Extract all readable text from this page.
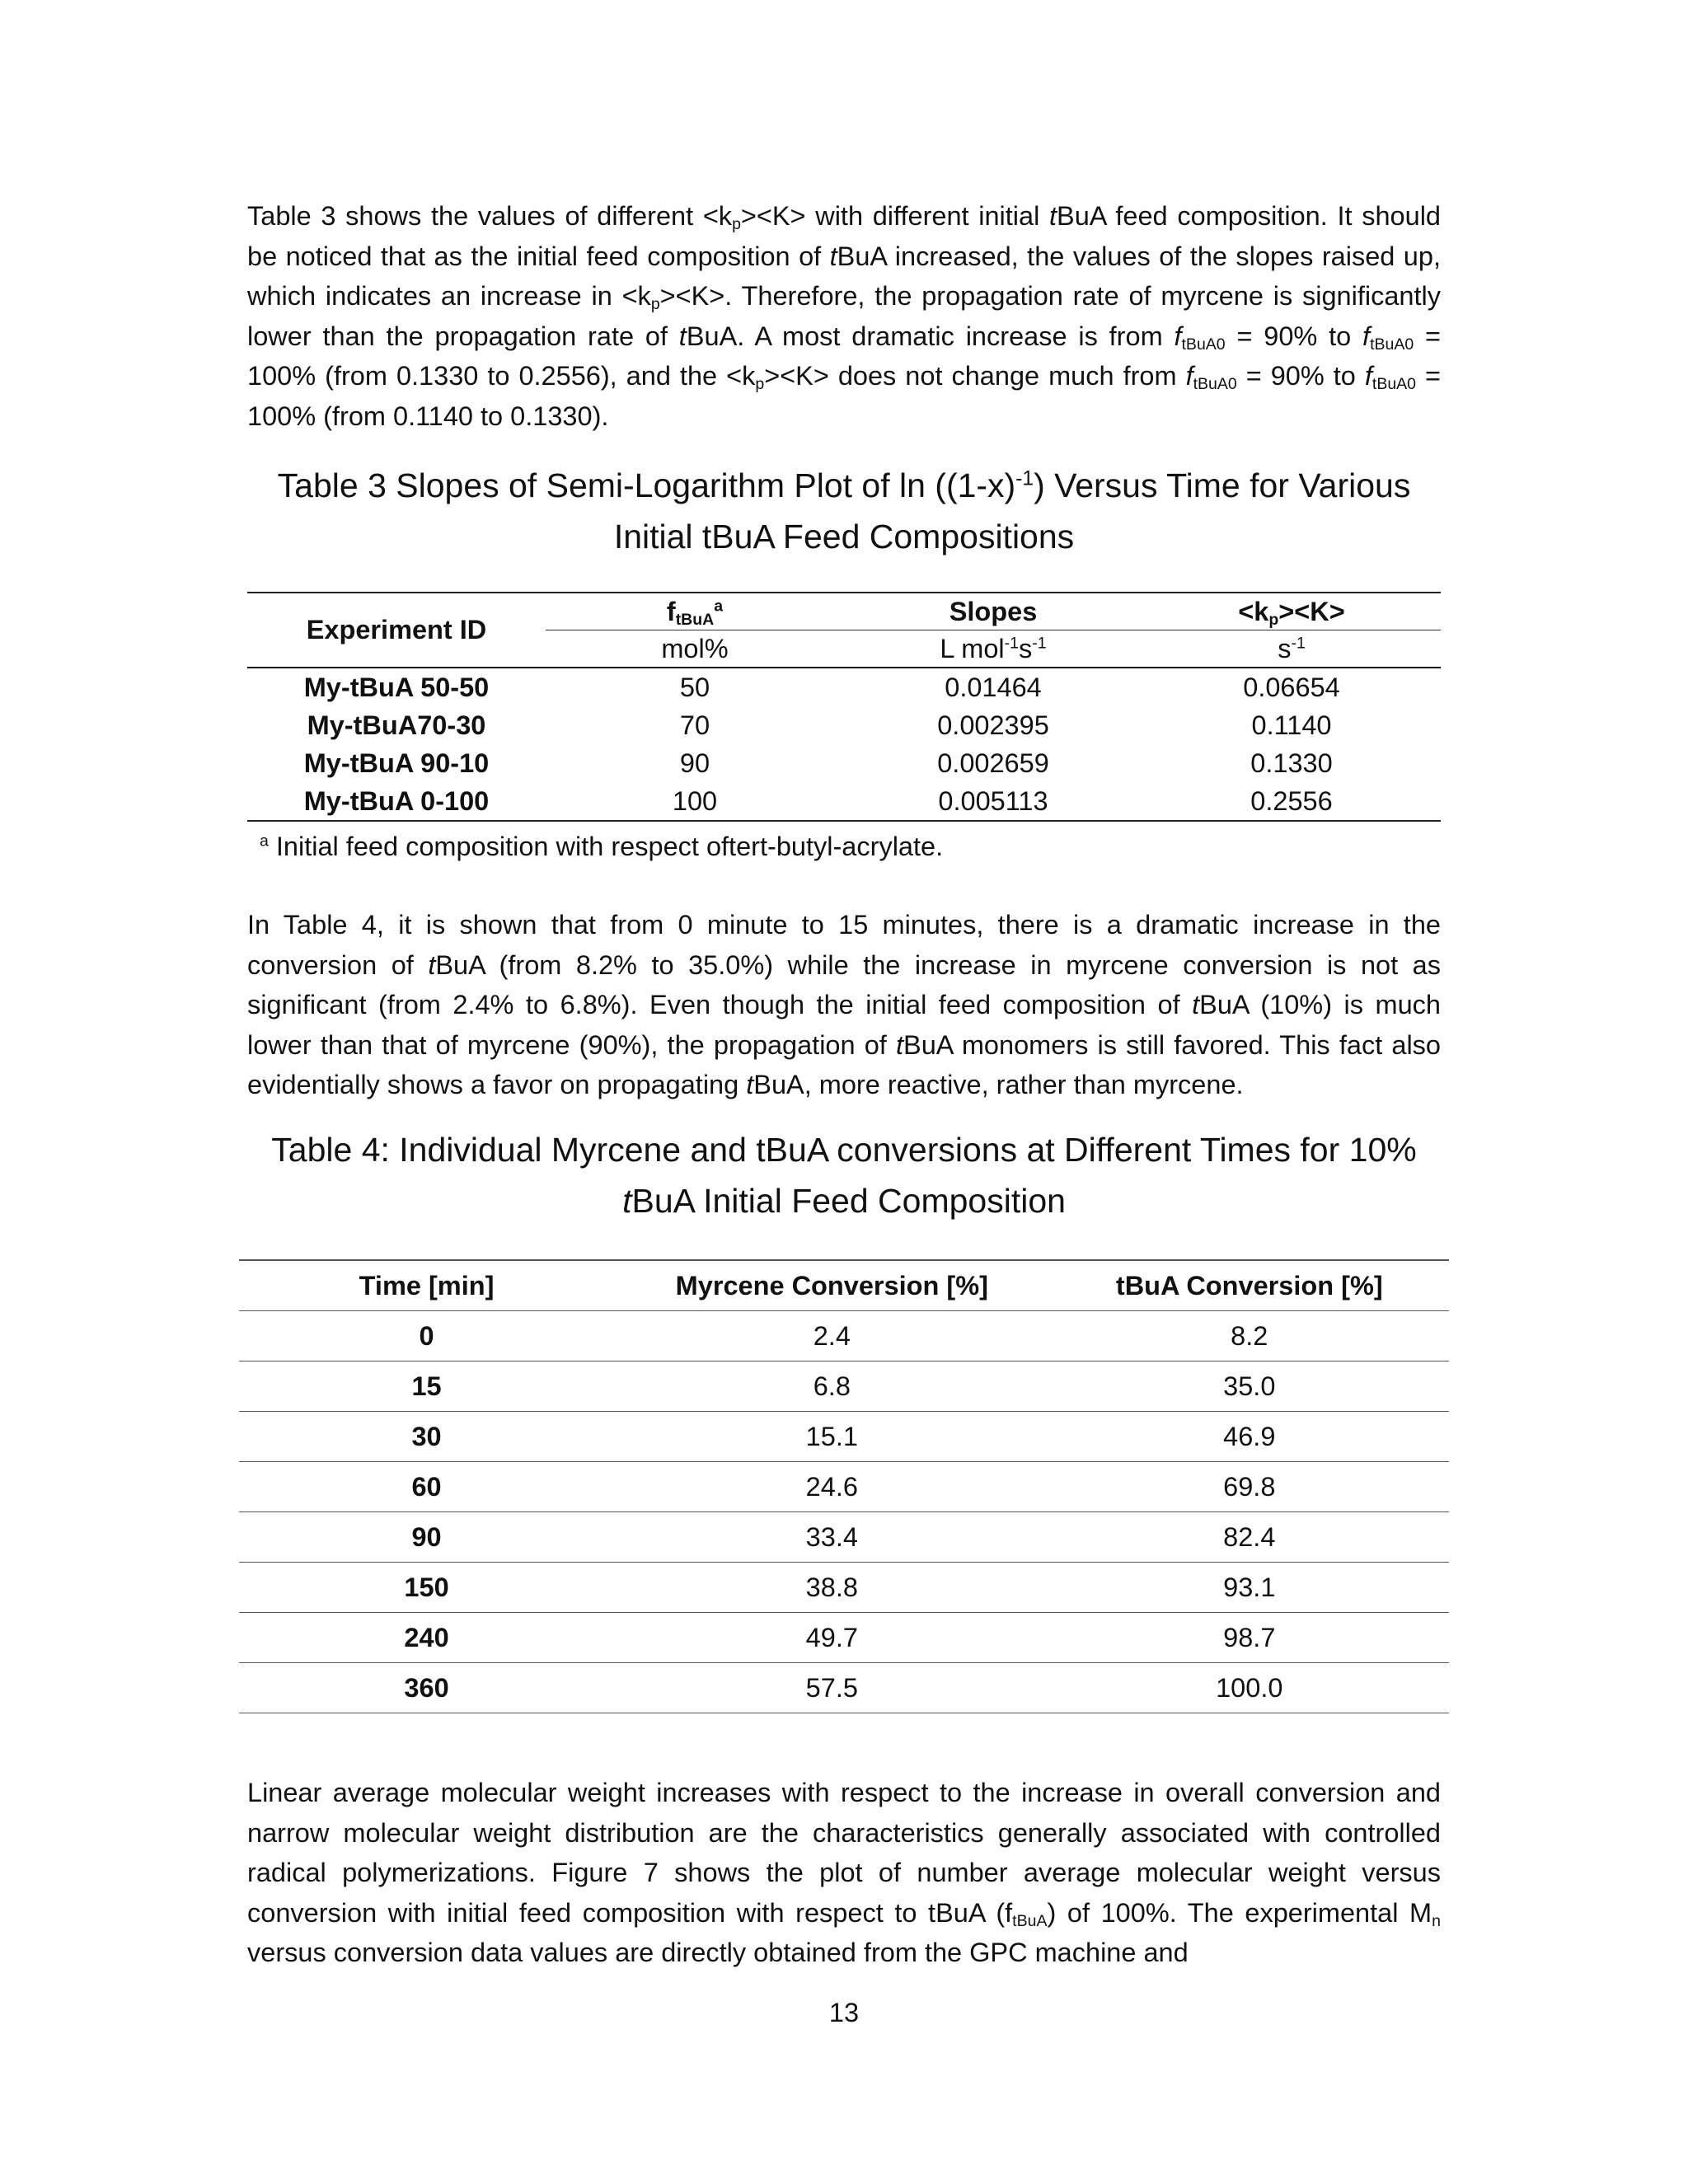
Table 3 shows the values of different $<k_p><K>$ with different initial tBuA feed composition. It should be noticed that as the initial feed composition of tBuA increased, the values of the slopes raised up, which indicates an increase in $<k_p><K>$. Therefore, the propagation rate of myrcene is significantly lower than the propagation rate of tBuA. A most dramatic increase is from $f_{tBuA0} = 90\%$ to $f_{tBuA0} = 100\%$ (from 0.1330 to 0.2556), and the $<k_p><K>$ does not change much from $f_{tBuA0} = 90\%$ to $f_{tBuA0} = 100\%$ (from 0.1140 to 0.1330).

Table 3 Slopes of Semi-Logarithm Plot of $\ln ((1-x)^{-1})$ Versus Time for Various Initial tBuA Feed Compositions

Experiment ID	$f_{tBuA}^a$	Slopes	$<k_p><K>$
	mol%	L $mol^{-1}s^{-1}$	$s^{-1}$
My-tBuA 50-50	50	0.01464	0.06654
My-tBuA70-30	70	0.002395	0.1140
My-tBuA 90-10	90	0.002659	0.1330
My-tBuA 0-100	100	0.005113	0.2556
$^a$ Initial feed composition with respect oftert-butyl-acrylate.

In Table 4, it is shown that from 0 minute to 15 minutes, there is a dramatic increase in the conversion of tBuA (from 8.2% to 35.0%) while the increase in myrcene conversion is not as significant (from 2.4% to 6.8%). Even though the initial feed composition of tBuA (10%) is much lower than that of myrcene (90%), the propagation of tBuA monomers is still favored. This fact also evidentially shows a favor on propagating tBuA, more reactive, rather than myrcene.

Table 4: Individual Myrcene and tBuA conversions at Different Times for 10% tBuA Initial Feed Composition

Time [min]	Myrcene Conversion [%]	tBuA Conversion [%]
0	2.4	8.2
15	6.8	35.0
30	15.1	46.9
60	24.6	69.8
90	33.4	82.4
150	38.8	93.1
240	49.7	98.7
360	57.5	100.0

Linear average molecular weight increases with respect to the increase in overall conversion and narrow molecular weight distribution are the characteristics generally associated with controlled radical polymerizations. Figure 7 shows the plot of number average molecular weight versus conversion with initial feed composition with respect to tBuA $(f_{tBuA})$ of 100%. The experimental $M_n$ versus conversion data values are directly obtained from the GPC machine and

13
